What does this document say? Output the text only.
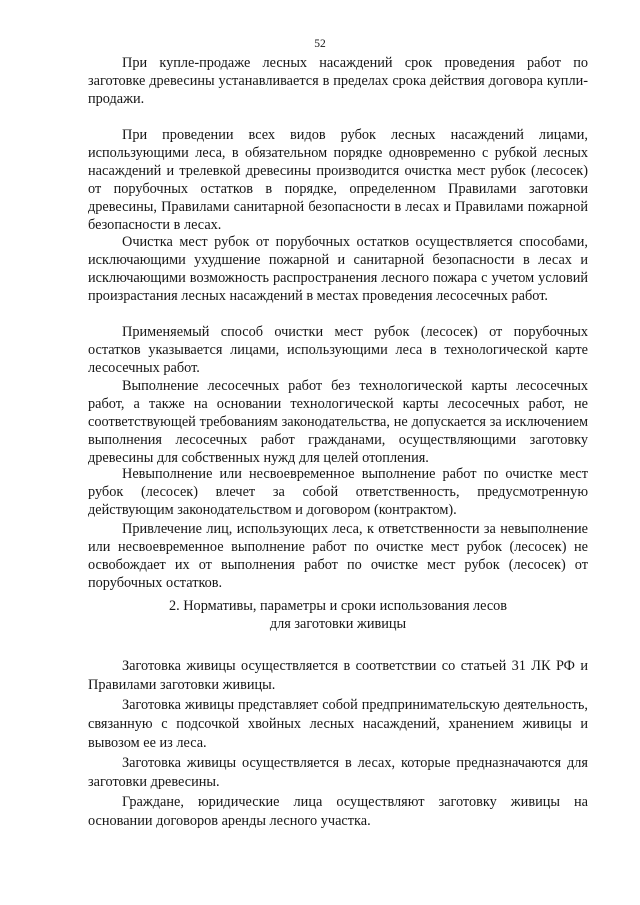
52

При купле-продаже лесных насаждений срок проведения работ по заготовке древесины устанавливается в пределах срока действия договора купли-продажи.

При проведении всех видов рубок лесных насаждений лицами, использующими леса, в обязательном порядке одновременно с рубкой лесных насаждений и трелевкой древесины производится очистка мест рубок (лесосек) от порубочных остатков в порядке, определенном Правилами заготовки древесины, Правилами санитарной безопасности в лесах и Правилами пожарной безопасности в лесах.

Очистка мест рубок от порубочных остатков осуществляется способами, исключающими ухудшение пожарной и санитарной безопасности в лесах и исключающими возможность распространения лесного пожара с учетом условий произрастания лесных насаждений в местах проведения лесосечных работ.

Применяемый способ очистки мест рубок (лесосек) от порубочных остатков указывается лицами, использующими леса в технологической карте лесосечных работ.

Выполнение лесосечных работ без технологической карты лесосечных работ, а также на основании технологической карты лесосечных работ, не соответствующей требованиям законодательства, не допускается за исключением выполнения лесосечных работ гражданами, осуществляющими заготовку древесины для собственных нужд для целей отопления.

Невыполнение или несвоевременное выполнение работ по очистке мест рубок (лесосек) влечет за собой ответственность, предусмотренную действующим законодательством и договором (контрактом).

Привлечение лиц, использующих леса, к ответственности за невыполнение или несвоевременное выполнение работ по очистке мест рубок (лесосек) не освобождает их от выполнения работ по очистке мест рубок (лесосек) от порубочных остатков.

2. Нормативы, параметры и сроки использования лесов
для заготовки живицы

Заготовка живицы осуществляется в соответствии со статьей 31 ЛК РФ и Правилами заготовки живицы.

Заготовка живицы представляет собой предпринимательскую деятельность, связанную с подсочкой хвойных лесных насаждений, хранением живицы и вывозом ее из леса.

Заготовка живицы осуществляется в лесах, которые предназначаются для заготовки древесины.

Граждане, юридические лица осуществляют заготовку живицы на основании договоров аренды лесного участка.
